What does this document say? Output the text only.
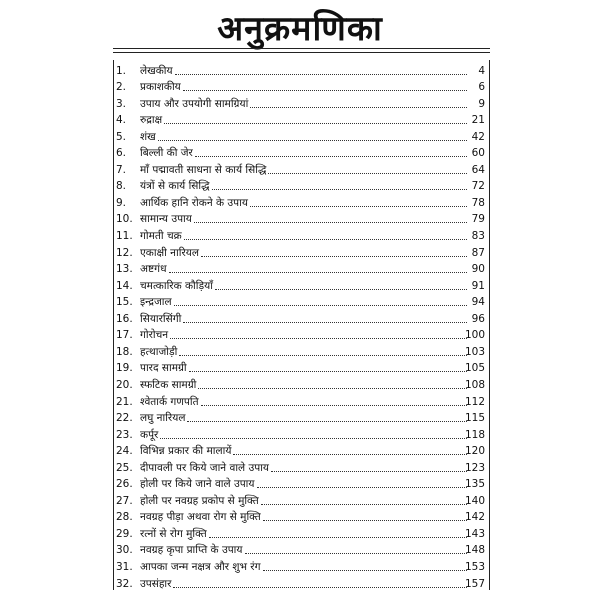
अनुक्रमणिका
1.	लेखकीय	4
2.	प्रकाशकीय	6
3.	उपाय और उपयोगी सामग्रियां	9
4.	रुद्राक्ष	21
5.	शंख	42
6.	बिल्ली की जेर	60
7.	माँ पद्मावती साधना से कार्य सिद्धि	64
8.	यंत्रों से कार्य सिद्धि	72
9.	आर्थिक हानि रोकने के उपाय	78
10. सामान्य उपाय	79
11. गोमती चक्र	83
12. एकाक्षी नारियल	87
13. अष्टगंध	90
14. चमत्कारिक कौड़ियाँ	91
15. इन्द्रजाल	94
16. सियारसिंगी	96
17. गोरोचन	100
18. हत्थाजोड़ी	103
19. पारद सामग्री	105
20. स्फटिक सामग्री	108
21. श्वेतार्क गणपति	112
22. लघु नारियल	115
23. कर्पूर	118
24. विभिन्न प्रकार की मालायें	120
25. दीपावली पर किये जाने वाले उपाय	123
26. होली पर किये जाने वाले उपाय	135
27. होली पर नवग्रह प्रकोप से मुक्ति	140
28. नवग्रह पीड़ा अथवा रोग से मुक्ति	142
29. रत्नों से रोग मुक्ति	143
30. नवग्रह कृपा प्राप्ति के उपाय	148
31. आपका जन्म नक्षत्र और शुभ रंग	153
32. उपसंहार	157
